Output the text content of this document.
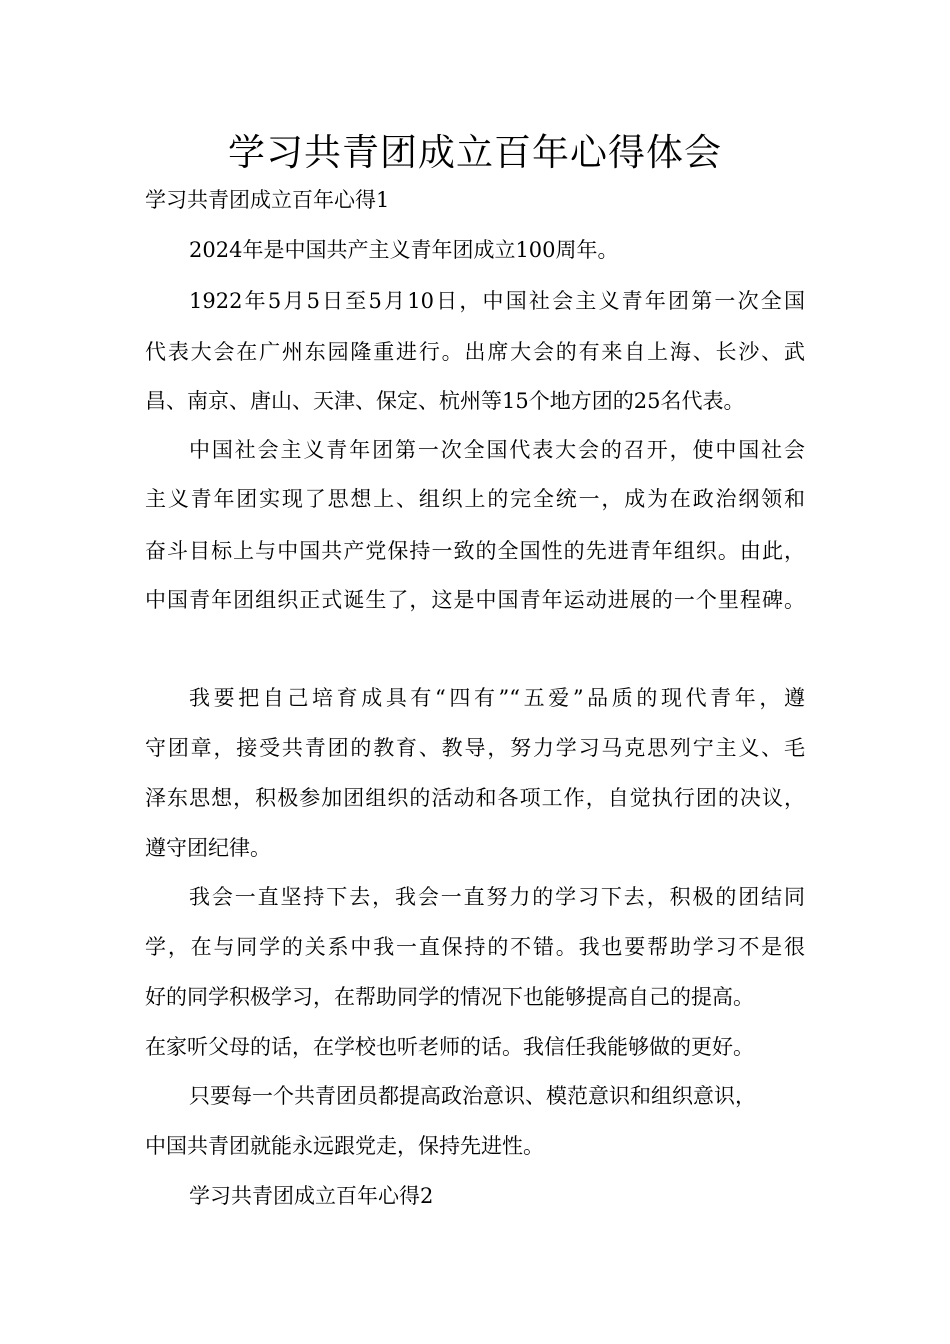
学习共青团成立百年心得体会
学习共青团成立百年心得1
2024年是中国共产主义青年团成立100周年。
1922年5月5日至5月10日，中国社会主义青年团第一次全国
代表大会在广州东园隆重进行。出席大会的有来自上海、长沙、武
昌、南京、唐山、天津、保定、杭州等15个地方团的25名代表。
中国社会主义青年团第一次全国代表大会的召开，使中国社会
主义青年团实现了思想上、组织上的完全统一，成为在政治纲领和
奋斗目标上与中国共产党保持一致的全国性的先进青年组织。由此，
中国青年团组织正式诞生了，这是中国青年运动进展的一个里程碑。
我要把自己培育成具有“四有”“五爱”品质的现代青年，遵
守团章，接受共青团的教育、教导，努力学习马克思列宁主义、毛
泽东思想，积极参加团组织的活动和各项工作，自觉执行团的决议，
遵守团纪律。
我会一直坚持下去，我会一直努力的学习下去，积极的团结同
学，在与同学的关系中我一直保持的不错。我也要帮助学习不是很
好的同学积极学习，在帮助同学的情况下也能够提高自己的提高。
在家听父母的话，在学校也听老师的话。我信任我能够做的更好。
只要每一个共青团员都提高政治意识、模范意识和组织意识，
中国共青团就能永远跟党走，保持先进性。
学习共青团成立百年心得2
